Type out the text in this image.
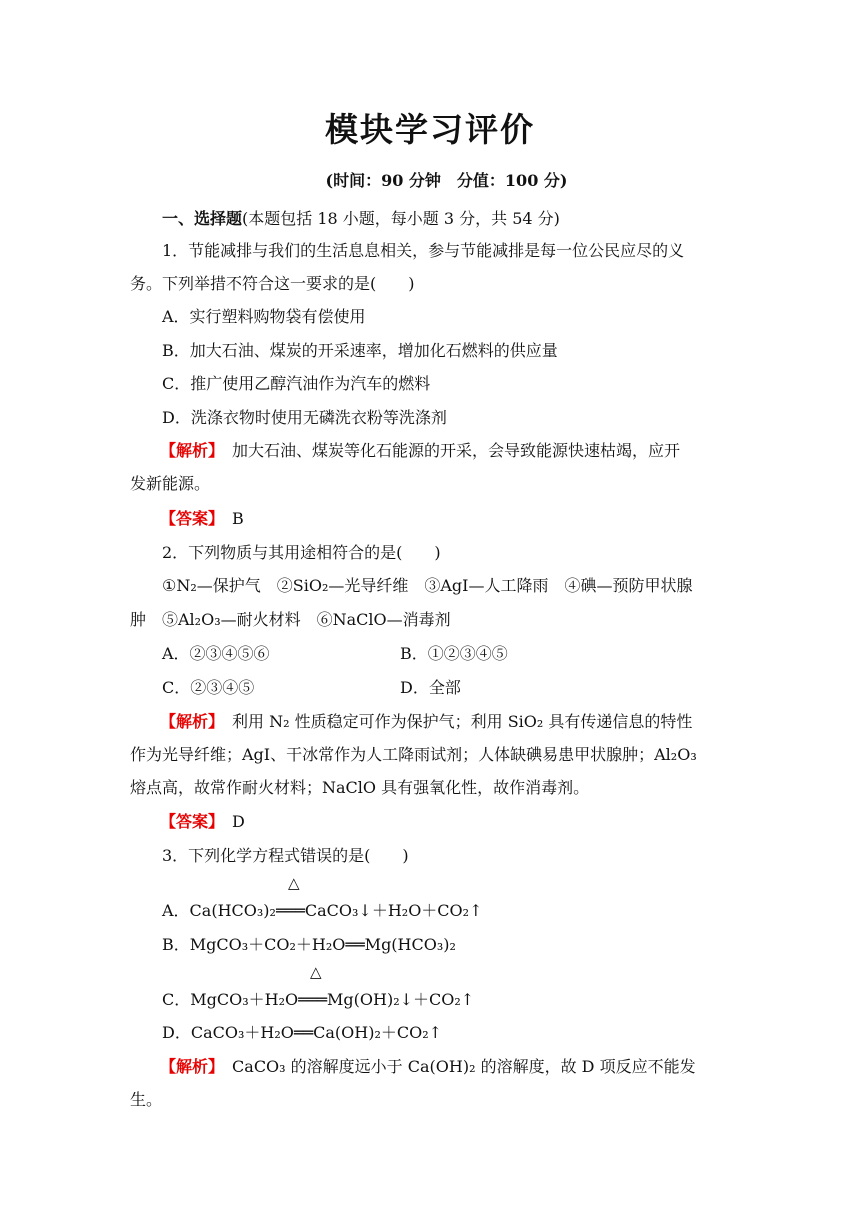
模块学习评价
(时间：90 分钟　分值：100 分)
一、选择题(本题包括 18 小题，每小题 3 分，共 54 分)
1．节能减排与我们的生活息息相关，参与节能减排是每一位公民应尽的义
务。下列举措不符合这一要求的是(　　)
A．实行塑料购物袋有偿使用
B．加大石油、煤炭的开采速率，增加化石燃料的供应量
C．推广使用乙醇汽油作为汽车的燃料
D．洗涤衣物时使用无磷洗衣粉等洗涤剂
【解析】　 加大石油、煤炭等化石能源的开采，会导致能源快速枯竭，应开
发新能源。
【答案】　 B
2．下列物质与其用途相符合的是(　　)
①N₂—保护气　②SiO₂—光导纤维　③AgI—人工降雨　④碘—预防甲状腺
肿　⑤Al₂O₃—耐火材料　⑥NaClO—消毒剂
A．②③④⑤⑥	B．①②③④⑤
C．②③④⑤	D．全部
【解析】　 利用 N₂ 性质稳定可作为保护气；利用 SiO₂ 具有传递信息的特性
作为光导纤维；AgI、干冰常作为人工降雨试剂；人体缺碘易患甲状腺肿；Al₂O₃
熔点高，故常作耐火材料；NaClO 具有强氧化性，故作消毒剂。
【答案】　 D
3．下列化学方程式错误的是(　　)
△
A．Ca(HCO₃)₂═══CaCO₃↓＋H₂O＋CO₂↑
B．MgCO₃＋CO₂＋H₂O══Mg(HCO₃)₂
△
C．MgCO₃＋H₂O═══Mg(OH)₂↓＋CO₂↑
D．CaCO₃＋H₂O══Ca(OH)₂＋CO₂↑
【解析】　 CaCO₃ 的溶解度远小于 Ca(OH)₂ 的溶解度，故 D 项反应不能发
生。
